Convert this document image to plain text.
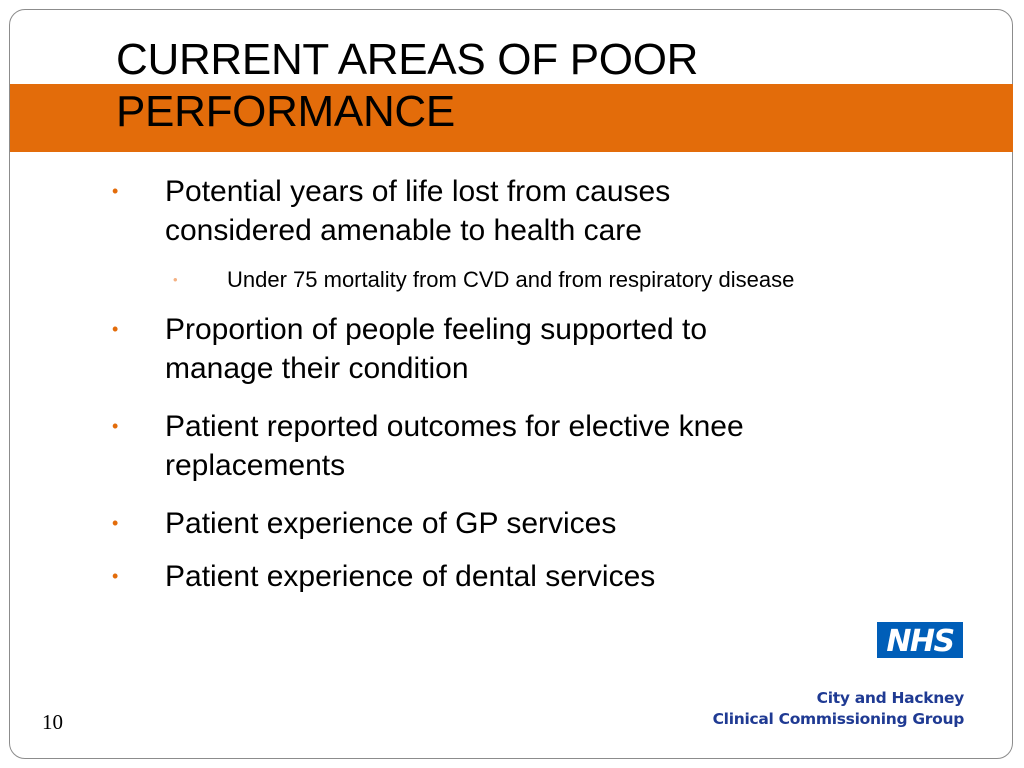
CURRENT AREAS OF POOR
PERFORMANCE
• Potential years of life lost from causes
considered amenable to health care
• Under 75 mortality from CVD and from respiratory disease
• Proportion of people feeling supported to
manage their condition
• Patient reported outcomes for elective knee
replacements
• Patient experience of GP services
• Patient experience of dental services
NHS
City and Hackney
Clinical Commissioning Group
10
